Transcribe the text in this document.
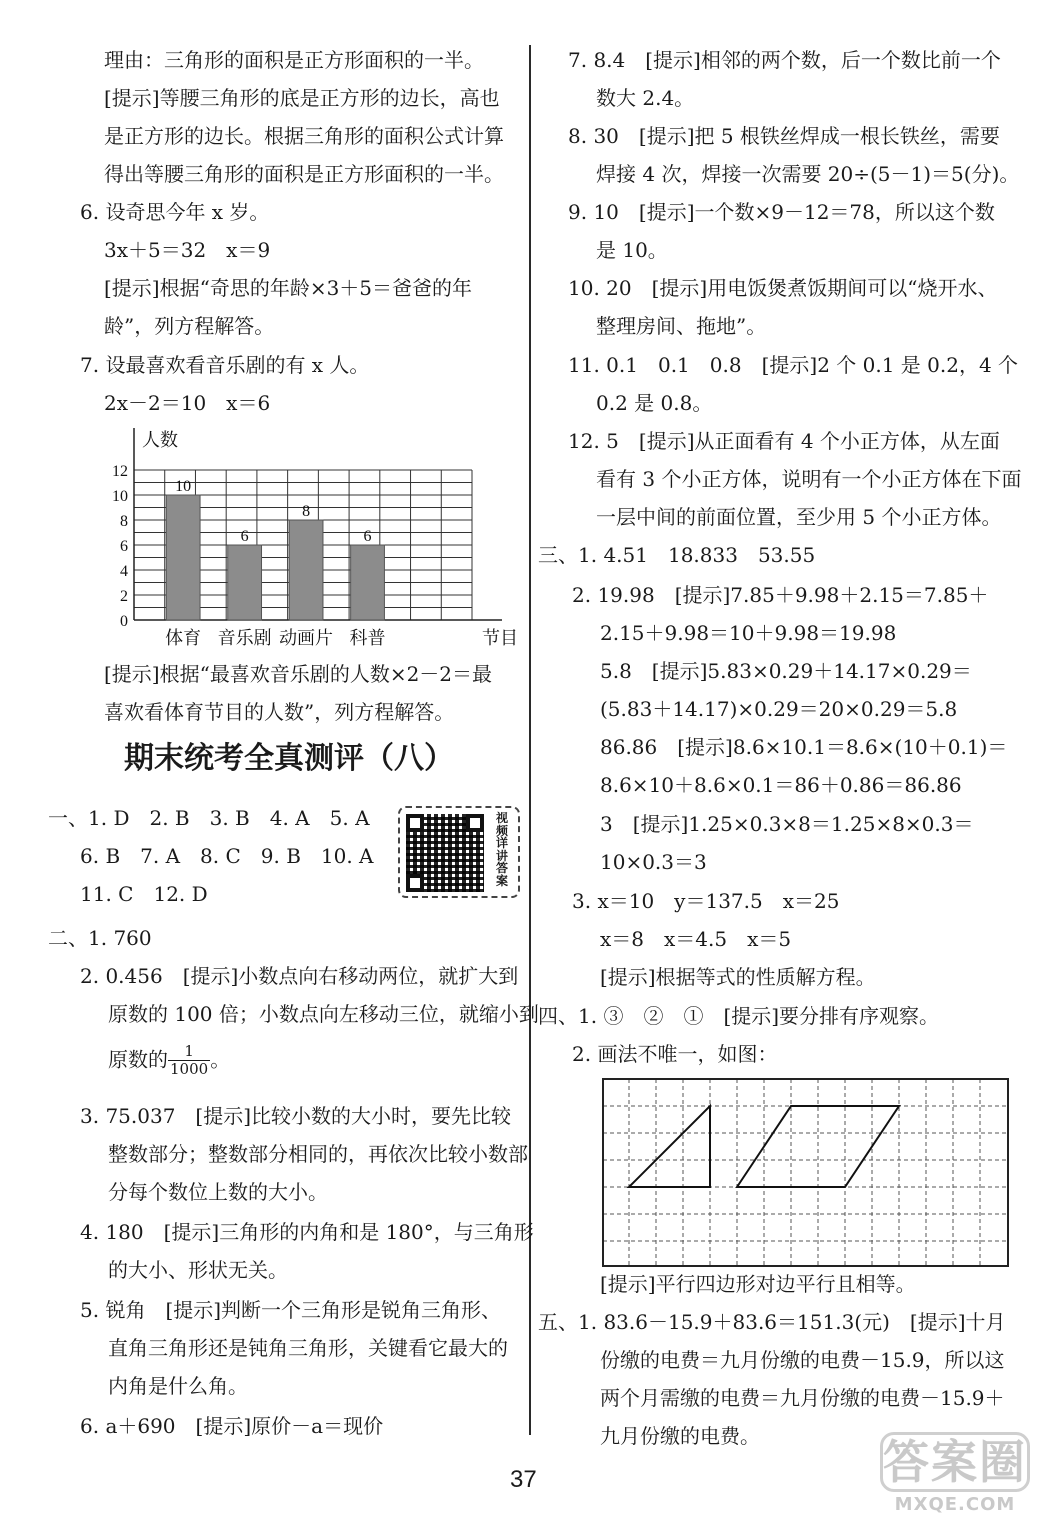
理由：三角形的面积是正方形面积的一半。
[提示]等腰三角形的底是正方形的边长，高也
是正方形的边长。根据三角形的面积公式计算
得出等腰三角形的面积是正方形面积的一半。
6. 设奇思今年 x 岁。
3x＋5＝32　x＝9
[提示]根据“奇思的年龄×3＋5＝爸爸的年
龄”，列方程解答。
7. 设最喜欢看音乐剧的有 x 人。
2x－2＝10　x＝6
0
2
4
6
8
10
12
人数
节目
10
体育
6
音乐剧
8
动画片
6
科普
[提示]根据“最喜欢音乐剧的人数×2－2＝最
喜欢看体育节目的人数”，列方程解答。
期末统考全真测评（八）
一、1. D　2. B　3. B　4. A　5. A
6. B　7. A　8. C　9. B　10. A
11. C　12. D
视频详讲答案
二、1. 760
2. 0.456　[提示]小数点向右移动两位，就扩大到
原数的 100 倍；小数点向左移动三位，就缩小到
原数的 $\frac{1}{1000}$ 。
3. 75.037　[提示]比较小数的大小时，要先比较
整数部分；整数部分相同的，再依次比较小数部
分每个数位上数的大小。
4. 180　[提示]三角形的内角和是 180°，与三角形
的大小、形状无关。
5. 锐角　[提示]判断一个三角形是锐角三角形、
直角三角形还是钝角三角形，关键看它最大的
内角是什么角。
6. a＋690　[提示]原价－a＝现价
7. 8.4　[提示]相邻的两个数，后一个数比前一个
数大 2.4。
8. 30　[提示]把 5 根铁丝焊成一根长铁丝，需要
焊接 4 次，焊接一次需要 20÷(5－1)＝5(分)。
9. 10　[提示]一个数×9－12＝78，所以这个数
是 10。
10. 20　[提示]用电饭煲煮饭期间可以“烧开水、
整理房间、拖地”。
11. 0.1　0.1　0.8　[提示]2 个 0.1 是 0.2，4 个
0.2 是 0.8。
12. 5　[提示]从正面看有 4 个小正方体，从左面
看有 3 个小正方体，说明有一个小正方体在下面
一层中间的前面位置，至少用 5 个小正方体。
三、1. 4.51　18.833　53.55
2. 19.98　[提示]7.85＋9.98＋2.15＝7.85＋
2.15＋9.98＝10＋9.98＝19.98
5.8　[提示]5.83×0.29＋14.17×0.29＝
(5.83＋14.17)×0.29＝20×0.29＝5.8
86.86　[提示]8.6×10.1＝8.6×(10＋0.1)＝
8.6×10＋8.6×0.1＝86＋0.86＝86.86
3　[提示]1.25×0.3×8＝1.25×8×0.3＝
10×0.3＝3
3. x＝10　y＝137.5　x＝25
x＝8　x＝4.5　x＝5
[提示]根据等式的性质解方程。
四、1. ③　②　①　[提示]要分排有序观察。
2. 画法不唯一，如图：
[提示]平行四边形对边平行且相等。
五、1. 83.6－15.9＋83.6＝151.3(元)　[提示]十月
份缴的电费＝九月份缴的电费－15.9，所以这
两个月需缴的电费＝九月份缴的电费－15.9＋
九月份缴的电费。
37	答案圈
MXQE.COM
